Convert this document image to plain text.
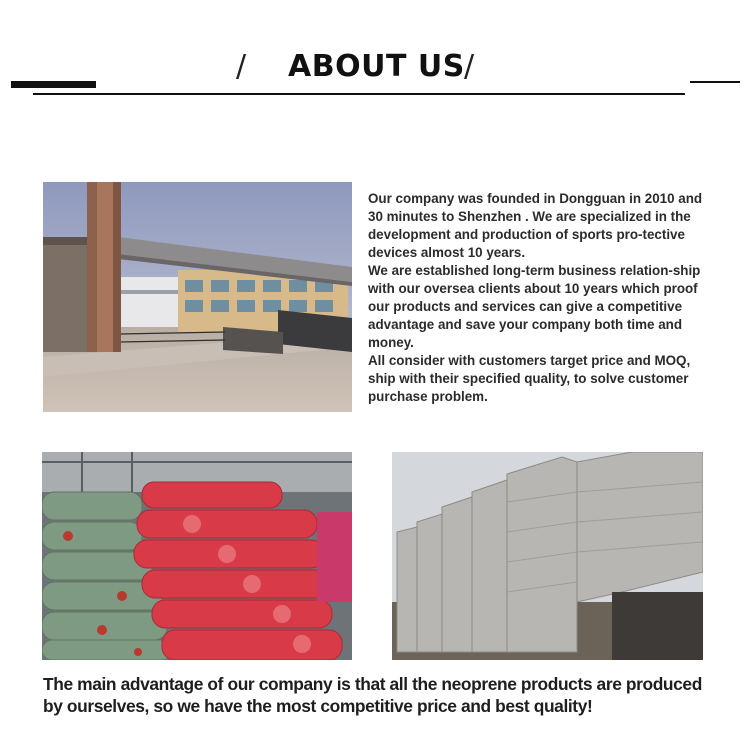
/ ABOUT US /

Our company was founded in Dongguan in 2010 and 30 minutes to Shenzhen . We are specialized in the development and production of sports pro-tective devices almost 10 years.

We are established long-term business relation-ship with our oversea clients about 10 years which proof our products and services can give a competitive advantage and save your company both time and money.

All consider with customers target price and MOQ, ship with their specified quality, to solve customer purchase problem.

The main advantage of our company is that all the neoprene products are produced

by ourselves, so we have the most competitive price and best quality!
